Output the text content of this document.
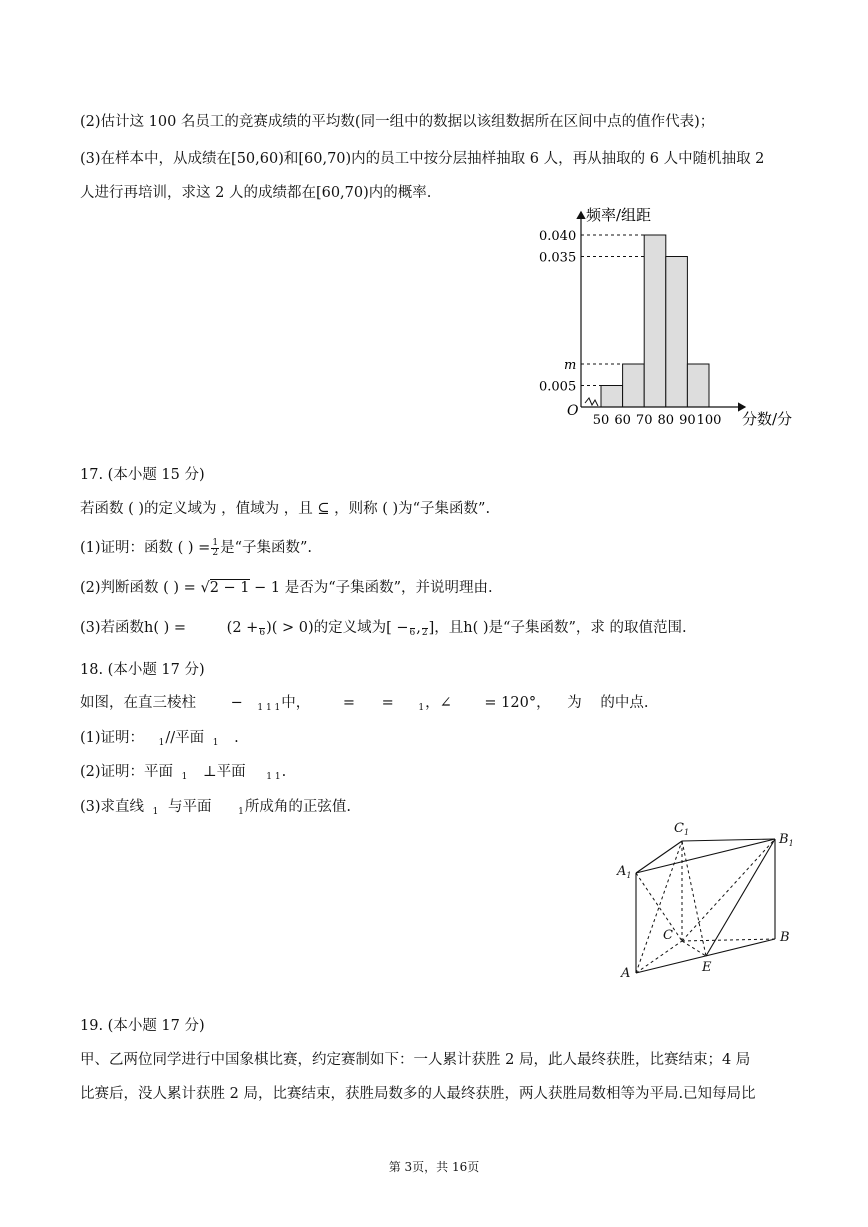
(2)估计这 100 名员工的竞赛成绩的平均数(同一组中的数据以该组数据所在区间中点的值作代表)；
(3)在样本中，从成绩在[50,60)和[60,70)内的员工中按分层抽样抽取 6 人，再从抽取的 6 人中随机抽取 2
人进行再培训，求这 2 人的成绩都在[60,70)内的概率.
频率/组距
分数/分
O
0.040
0.035
m
0.005
50 60 70 80 90 100
17. (本小题 15 分)
若函数 ( )的定义域为 ，值域为 ，且 ⊆ ，则称 ( )为“子集函数”.
(1)证明：函数 ( ) = $\frac{1}{2}$ 是“子集函数”.
(2)判断函数 ( ) = √2 − 1 − 1 是否为“子集函数”，并说明理由.
(3)若函数h( ) =	(2 +
6 )( > 0)的定义域为[ −
6 ,
2 ]，且h( )是“子集函数”，求 的取值范围.
18. (本小题 17 分)
如图，在直三棱柱 − $_{1 1 1}$中， = =	$_1$，∠ = 120°， 为 的中点.
(1)证明： $_1$//平面 $_1$ .
(2)证明：平面 $_1$ ⊥平面 $_{1 1}$.
(3)求直线 $_1$ 与平面	$_1$所成角的正弦值.
$C_1$	$B_1$
$A_1$
C	B
A	E
19. (本小题 17 分)
甲、乙两位同学进行中国象棋比赛，约定赛制如下：一人累计获胜 2 局，此人最终获胜，比赛结束；4 局
比赛后，没人累计获胜 2 局，比赛结束，获胜局数多的人最终获胜，两人获胜局数相等为平局.已知每局比
第 3页，共 16页
